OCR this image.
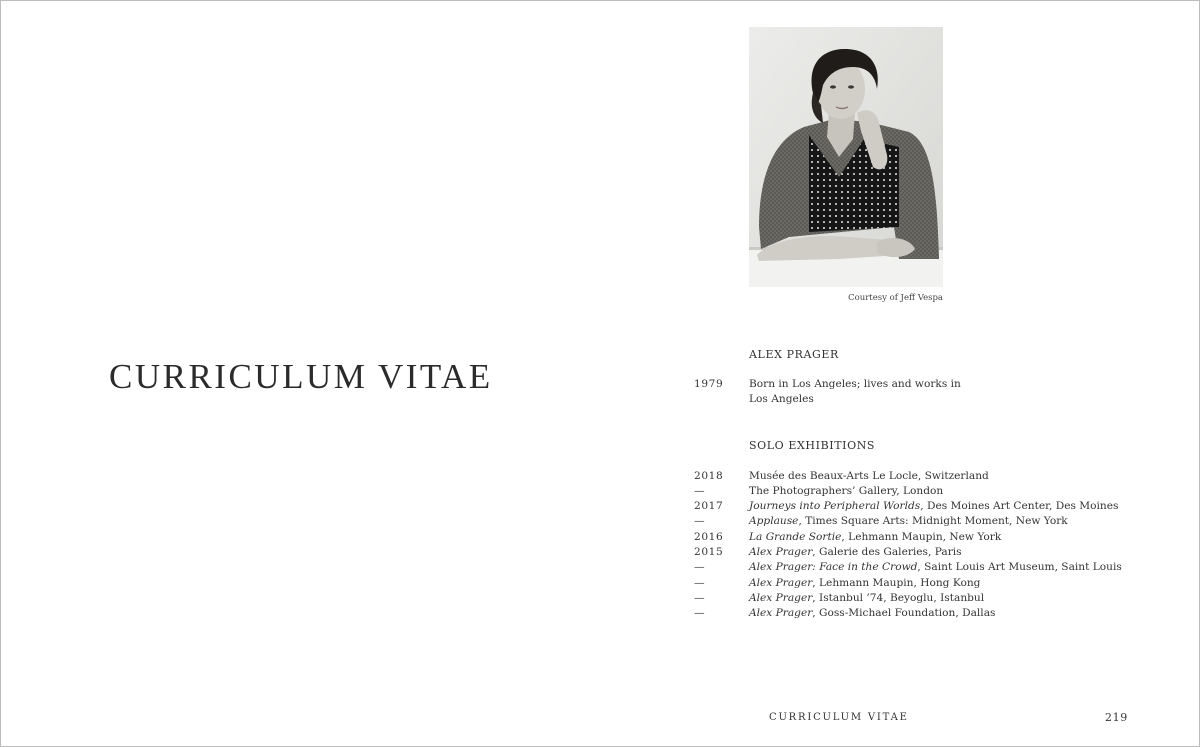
CURRICULUM VITAE
Courtesy of Jeff Vespa
ALEX PRAGER
1979 Born in Los Angeles; lives and works in
Los Angeles
SOLO EXHIBITIONS
2018	Musée des Beaux-Arts Le Locle, Switzerland
—	The Photographers’ Gallery, London
2017	Journeys into Peripheral Worlds, Des Moines Art Center, Des Moines
—	Applause, Times Square Arts: Midnight Moment, New York
2016	La Grande Sortie, Lehmann Maupin, New York
2015	Alex Prager, Galerie des Galeries, Paris
—	Alex Prager: Face in the Crowd, Saint Louis Art Museum, Saint Louis
—	Alex Prager, Lehmann Maupin, Hong Kong
—	Alex Prager, Istanbul ’74, Beyoglu, Istanbul
—	Alex Prager, Goss-Michael Foundation, Dallas
CURRICULUM VITAE	219
